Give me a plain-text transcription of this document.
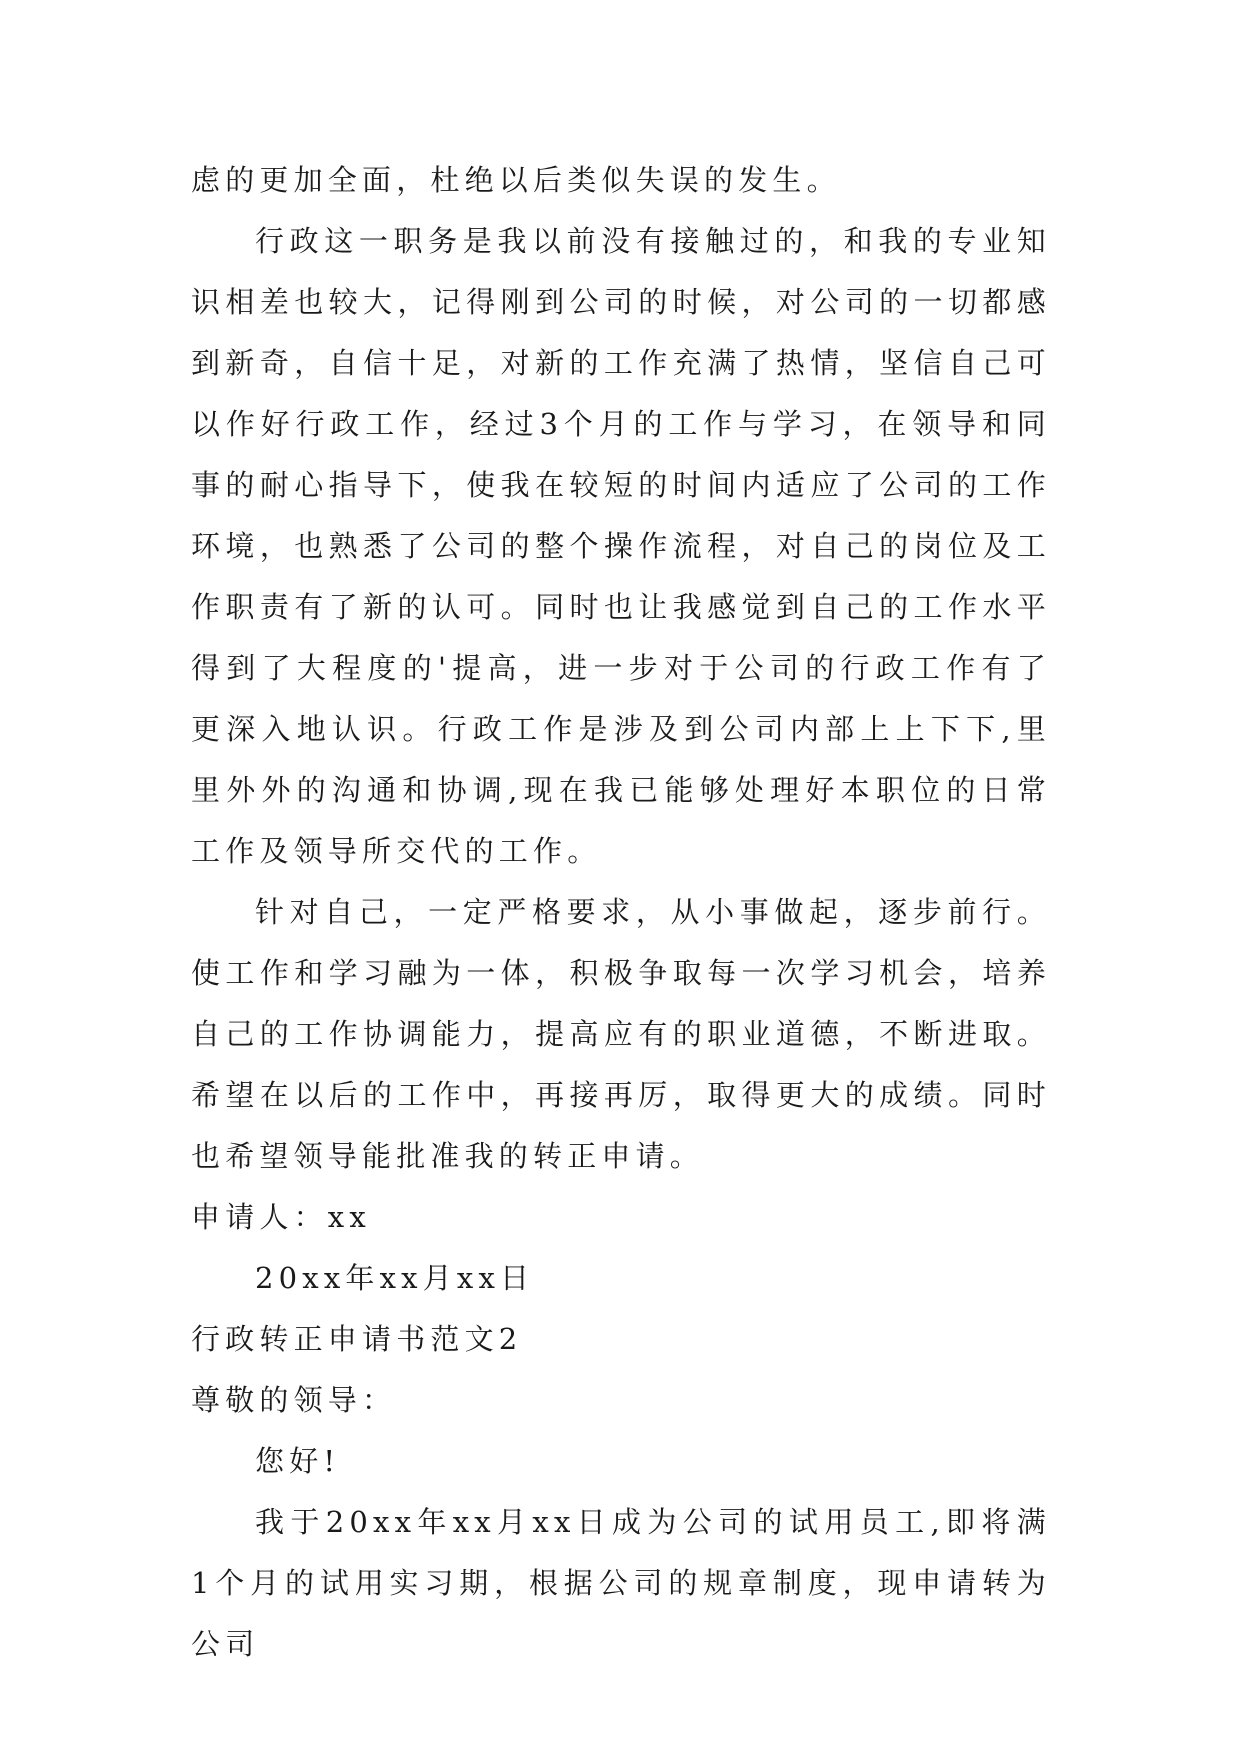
虑的更加全面，杜绝以后类似失误的发生。

行政这一职务是我以前没有接触过的，和我的专业知识相差也较大，记得刚到公司的时候，对公司的一切都感到新奇，自信十足，对新的工作充满了热情，坚信自己可以作好行政工作，经过3个月的工作与学习，在领导和同事的耐心指导下，使我在较短的时间内适应了公司的工作环境，也熟悉了公司的整个操作流程，对自己的岗位及工作职责有了新的认可。同时也让我感觉到自己的工作水平得到了大程度的'提高，进一步对于公司的行政工作有了更深入地认识。行政工作是涉及到公司内部上上下下,里里外外的沟通和协调,现在我已能够处理好本职位的日常工作及领导所交代的工作。

针对自己，一定严格要求，从小事做起，逐步前行。使工作和学习融为一体，积极争取每一次学习机会，培养自己的工作协调能力，提高应有的职业道德，不断进取。希望在以后的工作中，再接再厉，取得更大的成绩。同时也希望领导能批准我的转正申请。

申请人：xx

20xx年xx月xx日

行政转正申请书范文2

尊敬的领导：

您好!

我于20xx年xx月xx日成为公司的试用员工,即将满1个月的试用实习期，根据公司的规章制度，现申请转为公司
